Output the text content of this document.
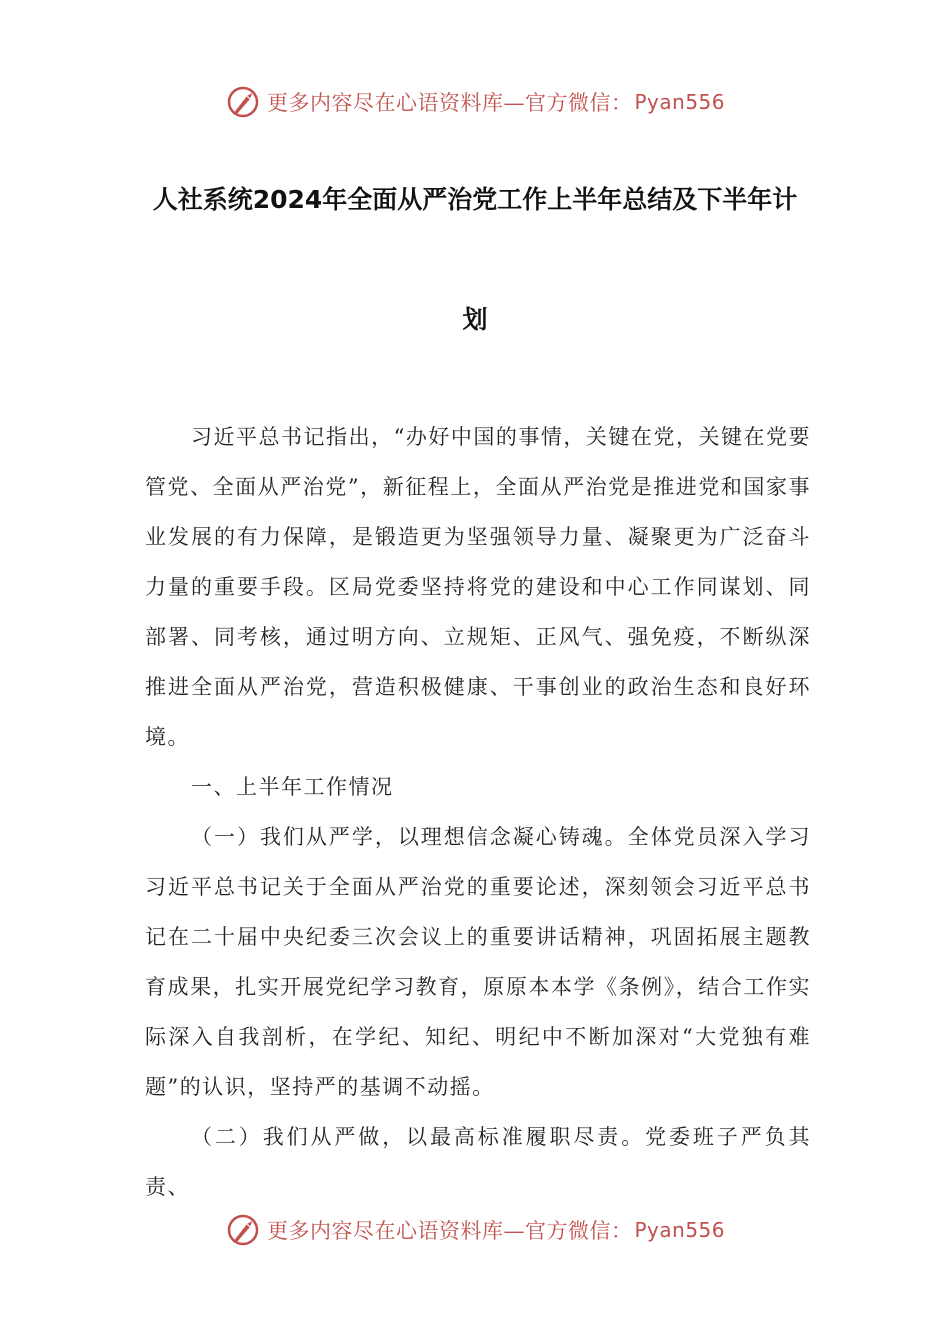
更多内容尽在心语资料库—官方微信： Pyan556
人社系统2024年全面从严治党工作上半年总结及下半年计
划

习近平总书记指出，“办好中国的事情，关键在党，关键在党要管党、全面从严治党”，新征程上，全面从严治党是推进党和国家事业发展的有力保障，是锻造更为坚强领导力量、凝聚更为广泛奋斗力量的重要手段。区局党委坚持将党的建设和中心工作同谋划、同部署、同考核，通过明方向、立规矩、正风气、强免疫，不断纵深推进全面从严治党，营造积极健康、干事创业的政治生态和良好环境。

一、上半年工作情况

（一）我们从严学，以理想信念凝心铸魂。全体党员深入学习习近平总书记关于全面从严治党的重要论述，深刻领会习近平总书记在二十届中央纪委三次会议上的重要讲话精神，巩固拓展主题教育成果，扎实开展党纪学习教育，原原本本学《条例》，结合工作实际深入自我剖析，在学纪、知纪、明纪中不断加深对“大党独有难题”的认识，坚持严的基调不动摇。

（二）我们从严做，以最高标准履职尽责。党委班子严负其责、

更多内容尽在心语资料库—官方微信： Pyan556
